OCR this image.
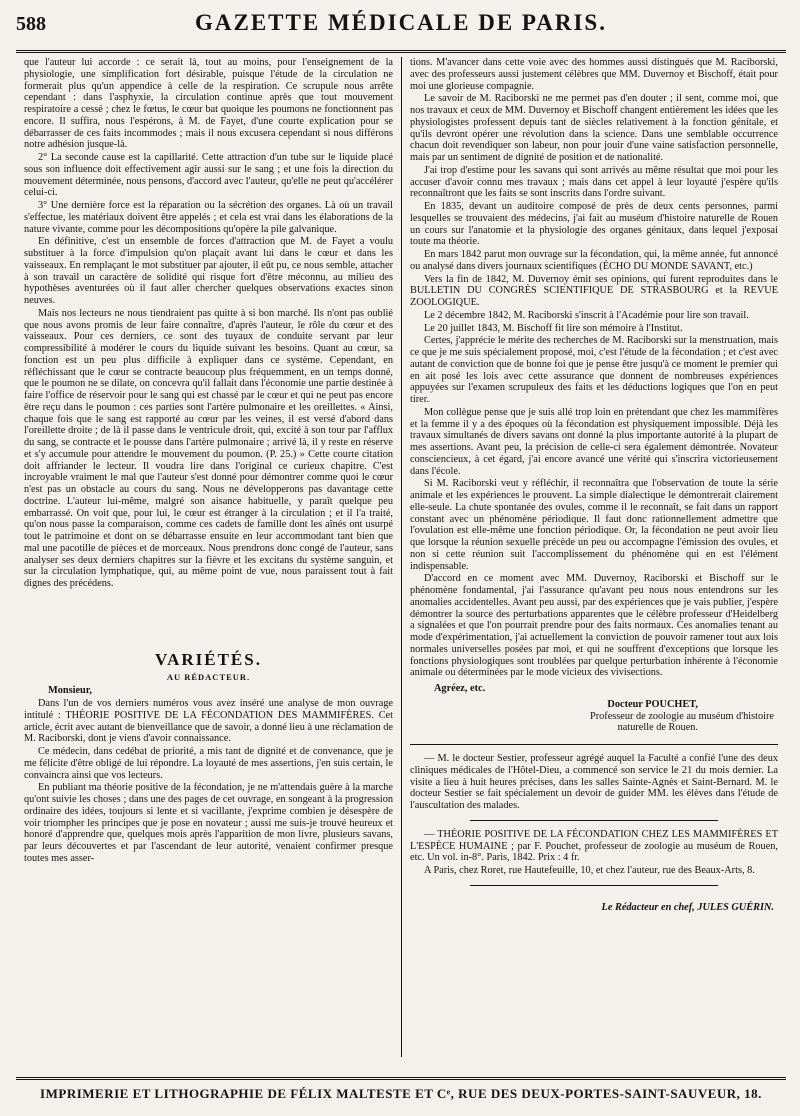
588	GAZETTE MÉDICALE DE PARIS.

que l'auteur lui accorde : ce serait là, tout au moins, pour l'enseignement de la physiologie, une simplification fort désirable, puisque l'étude de la circulation ne formerait plus qu'un appendice à celle de la respiration. Ce scrupule nous arrête cependant : dans l'asphyxie, la circulation continue après que tout mouvement respiratoire a cessé ; chez le fœtus, le cœur bat quoique les poumons ne fonctionnent pas encore. Il suffira, nous l'espérons, à M. de Fayet, d'une courte explication pour se débarrasser de ces faits incommodes ; mais il nous excusera cependant si nous différons notre adhésion jusque-là.

2° La seconde cause est la capillarité. Cette attraction d'un tube sur le liquide placé sous son influence doit effectivement agir aussi sur le sang ; et une fois la direction du mouvement déterminée, nous pensons, d'accord avec l'auteur, qu'elle ne peut qu'accélérer celui-ci.

3° Une dernière force est la réparation ou la sécrétion des organes. Là où un travail s'effectue, les matériaux doivent être appelés ; et cela est vrai dans les élaborations de la nature vivante, comme pour les décompositions qu'opère la pile galvanique.

En définitive, c'est un ensemble de forces d'attraction que M. de Fayet a voulu substituer à la force d'impulsion qu'on plaçait avant lui dans le cœur et dans les vaisseaux. En remplaçant le mot substituer par ajouter, il eût pu, ce nous semble, attacher à son travail un caractère de solidité qui risque fort d'être méconnu, au milieu des hypothèses aventurées où il faut aller chercher quelques observations exactes sinon neuves.

Mais nos lecteurs ne nous tiendraient pas quitte à si bon marché. Ils n'ont pas oublié que nous avons promis de leur faire connaître, d'après l'auteur, le rôle du cœur et des vaisseaux. Pour ces derniers, ce sont des tuyaux de conduite servant par leur compressibilité à modérer le cours du liquide suivant les besoins. Quant au cœur, sa fonction est un peu plus difficile à expliquer dans ce système. Cependant, en réfléchissant que le cœur se contracte beaucoup plus fréquemment, en un temps donné, que le poumon ne se dilate, on concevra qu'il fallait dans l'économie une partie destinée à faire l'office de réservoir pour le sang qui est chassé par le cœur et qui ne peut pas encore être reçu dans le poumon : ces parties sont l'artère pulmonaire et les oreillettes. « Ainsi, chaque fois que le sang est rapporté au cœur par les veines, il est versé d'abord dans l'oreillette droite ; de là il passe dans le ventricule droit, qui, excité à son tour par l'afflux du sang, se contracte et le pousse dans l'artère pulmonaire ; arrivé là, il y reste en réserve et s'y accumule pour attendre le mouvement du poumon. (P. 25.) » Cette courte citation doit affriander le lecteur. Il voudra lire dans l'original ce curieux chapitre. C'est incroyable vraiment le mal que l'auteur s'est donné pour démontrer comme quoi le cœur n'est pas un obstacle au cours du sang. Nous ne développerons pas davantage cette doctrine. L'auteur lui-même, malgré son aisance habituelle, y paraît quelque peu embarrassé. On voit que, pour lui, le cœur est étranger à la circulation ; et il l'a traité, qu'on nous passe la comparaison, comme ces cadets de famille dont les aînés ont usurpé tout le patrimoine et dont on se débarrasse ensuite en leur accommodant tant bien que mal une pacotille de pièces et de morceaux. Nous prendrons donc congé de l'auteur, sans analyser ses deux derniers chapitres sur la fièvre et les excitans du système sanguin, et sur la circulation lymphatique, qui, au même point de vue, nous paraissent tout à fait dignes des précédens.

VARIÉTÉS.
AU RÉDACTEUR.
Monsieur,

Dans l'un de vos derniers numéros vous avez inséré une analyse de mon ouvrage intitulé : THÉORIE POSITIVE DE LA FÉCONDATION DES MAMMIFÈRES. Cet article, écrit avec autant de bienveillance que de savoir, a donné lieu à une réclamation de M. Raciborski, dont je viens d'avoir connaissance.

Ce médecin, dans cedébat de priorité, a mis tant de dignité et de convenance, que je me félicite d'être obligé de lui répondre. La loyauté de mes assertions, j'en suis certain, le convaincra ainsi que vos lecteurs.

En publiant ma théorie positive de la fécondation, je ne m'attendais guère à la marche qu'ont suivie les choses ; dans une des pages de cet ouvrage, en songeant à la progression ordinaire des idées, toujours si lente et si vacillante, j'exprime combien je désespère de voir triompher les principes que je pose en novateur ; aussi me suis-je trouvé heureux et honoré d'apprendre que, quelques mois après l'apparition de mon livre, plusieurs savans, par leurs découvertes et par l'ascendant de leur autorité, venaient confirmer presque toutes mes asser-

tions. M'avancer dans cette voie avec des hommes aussi distingués que M. Raciborski, avec des professeurs aussi justement célèbres que MM. Duvernoy et Bischoff, était pour moi une glorieuse compagnie.

Le savoir de M. Raciborski ne me permet pas d'en douter ; il sent, comme moi, que nos travaux et ceux de MM. Duvernoy et Bischoff changent entièrement les idées que les physiologistes professent depuis tant de siècles relativement à la fonction génitale, et qu'ils devront opérer une révolution dans la science. Dans une semblable occurrence chacun doit revendiquer son labeur, non pour jouir d'une vaine satisfaction personnelle, mais par un sentiment de dignité de position et de nationalité.

J'ai trop d'estime pour les savans qui sont arrivés au même résultat que moi pour les accuser d'avoir connu mes travaux ; mais dans cet appel à leur loyauté j'espère qu'ils reconnaîtront que les faits se sont inscrits dans l'ordre suivant.

En 1835, devant un auditoire composé de près de deux cents personnes, parmi lesquelles se trouvaient des médecins, j'ai fait au muséum d'histoire naturelle de Rouen un cours sur l'anatomie et la physiologie des organes génitaux, dans lequel j'exposai toute ma théorie.

En mars 1842 parut mon ouvrage sur la fécondation, qui, la même année, fut annoncé ou analysé dans divers journaux scientifiques (ÉCHO DU MONDE SAVANT, etc.)

Vers la fin de 1842, M. Duvernoy émit ses opinions, qui furent reproduites dans le BULLETIN DU CONGRÈS SCIENTIFIQUE DE STRASBOURG et la REVUE ZOOLOGIQUE.

Le 2 décembre 1842, M. Raciborski s'inscrit à l'Académie pour lire son travail.

Le 20 juillet 1843, M. Bischoff fit lire son mémoire à l'Institut.

Certes, j'apprécie le mérite des recherches de M. Raciborski sur la menstruation, mais ce que je me suis spécialement proposé, moi, c'est l'étude de la fécondation ; et c'est avec autant de conviction que de bonne foi que je pense être jusqu'à ce moment le premier qui en ait posé les lois avec cette assurance que donnent de nombreuses expériences appuyées sur l'examen scrupuleux des faits et les déductions logiques que l'on en peut tirer.

Mon collègue pense que je suis allé trop loin en prétendant que chez les mammifères et la femme il y a des époques où la fécondation est physiquement impossible. Déjà les travaux simultanés de divers savans ont donné la plus importante autorité à la plupart de mes assertions. Avant peu, la précision de celle-ci sera également démontrée. Novateur consciencieux, à cet égard, j'ai encore avancé une vérité qui s'inscrira victorieusement dans l'école.

Si M. Raciborski veut y réfléchir, il reconnaîtra que l'observation de toute la série animale et les expériences le prouvent. La simple dialectique le démontrerait clairement elle-seule. La chute spontanée des ovules, comme il le reconnaît, se fait dans un rapport constant avec un phénomène périodique. Il faut donc rationnellement admettre que l'ovulation est elle-même une fonction périodique. Or, la fécondation ne peut avoir lieu que lorsque la réunion sexuelle précède un peu ou accompagne l'émission des ovules, et non si cette réunion suit l'accomplissement du phénomène qui en est l'élément indispensable.

D'accord en ce moment avec MM. Duvernoy, Raciborski et Bischoff sur le phénomène fondamental, j'ai l'assurance qu'avant peu nous nous entendrons sur les anomalies accidentelles. Avant peu aussi, par des expériences que je vais publier, j'espère démontrer la source des perturbations apparentes que le célèbre professeur d'Heidelberg a signalées et que l'on pourrait prendre pour des faits normaux. Ces anomalies tenant au mode d'expérimentation, j'ai actuellement la conviction de pouvoir ramener tout aux lois normales universelles posées par moi, et qui ne souffrent d'exceptions que lorsque les fonctions physiologiques sont troublées par quelque perturbation inhérente à l'économie animale ou déterminées par le mode vicieux des vivisections.

Agréez, etc.
Docteur POUCHET,
Professeur de zoologie au muséum d'histoire
naturelle de Rouen.

— M. le docteur Sestier, professeur agrégé auquel la Faculté a confié l'une des deux cliniques médicales de l'Hôtel-Dieu, a commencé son service le 21 du mois dernier. La visite a lieu à huit heures précises, dans les salles Sainte-Agnès et Saint-Bernard. M. le docteur Sestier se fait spécialement un devoir de guider MM. les élèves dans l'étude de l'auscultation des malades.

— THÉORIE POSITIVE DE LA FÉCONDATION CHEZ LES MAMMIFÈRES ET L'ESPÈCE HUMAINE ; par F. Pouchet, professeur de zoologie au muséum de Rouen, etc. Un vol. in-8°. Paris, 1842. Prix : 4 fr.

A Paris, chez Roret, rue Hautefeuille, 10, et chez l'auteur, rue des Beaux-Arts, 8.

Le Rédacteur en chef, JULES GUÉRIN.
IMPRIMERIE ET LITHOGRAPHIE DE FÉLIX MALTESTE ET Cᵉ, RUE DES DEUX-PORTES-SAINT-SAUVEUR, 18.
